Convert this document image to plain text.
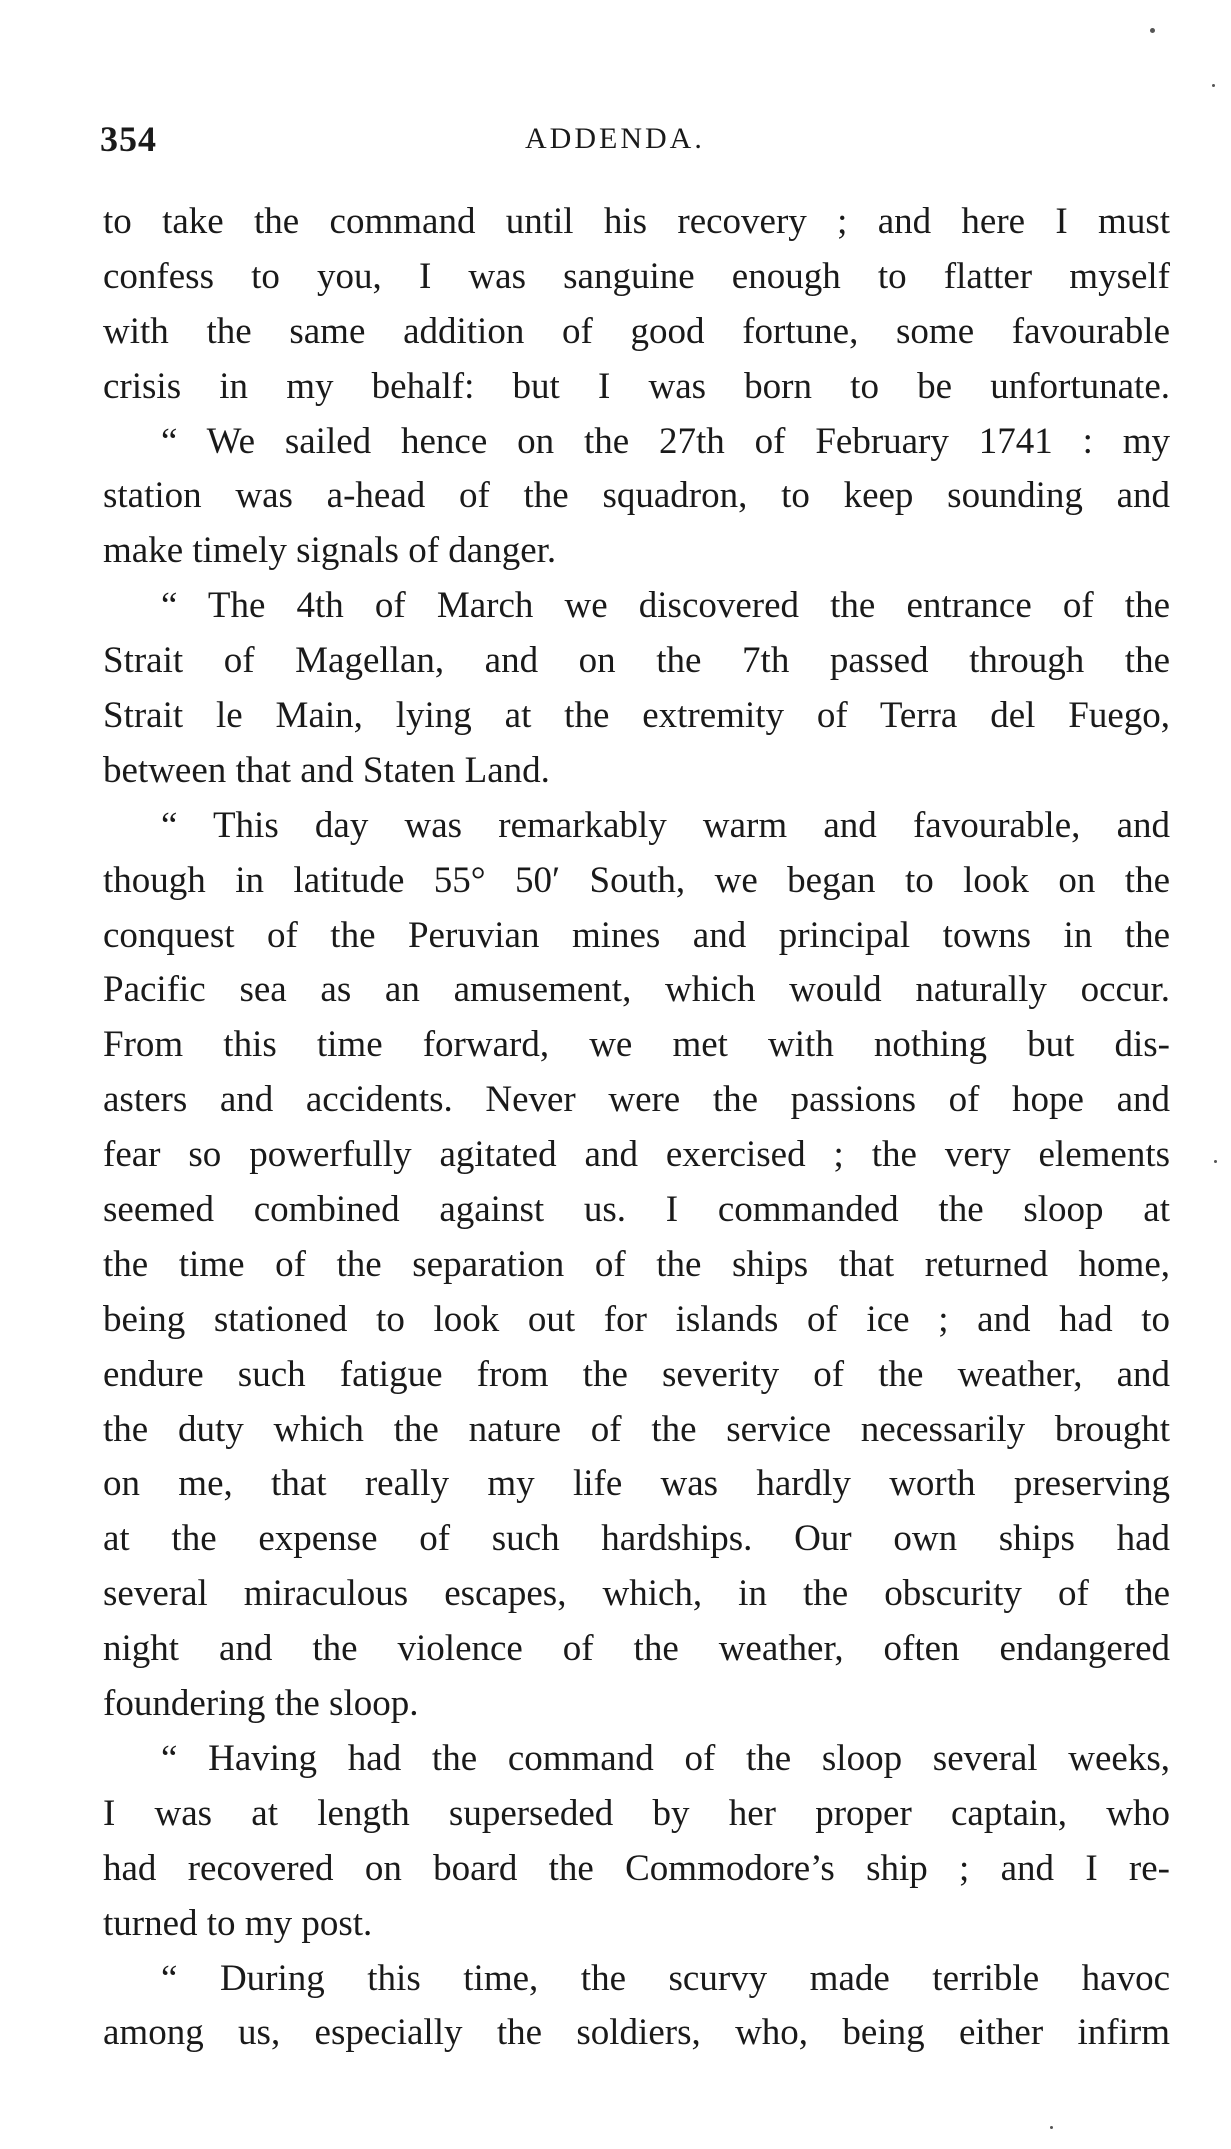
354	ADDENDA.
to take the command until his recovery ; and here I must
confess to you, I was sanguine enough to flatter myself
with the same addition of good fortune, some favourable
crisis in my behalf: but I was born to be unfortunate.
“ We sailed hence on the 27th of February 1741 : my
station was a-head of the squadron, to keep sounding and
make timely signals of danger.
“ The 4th of March we discovered the entrance of the
Strait of Magellan, and on the 7th passed through the
Strait le Main, lying at the extremity of Terra del Fuego,
between that and Staten Land.
“ This day was remarkably warm and favourable, and
though in latitude 55° 50′ South, we began to look on the
conquest of the Peruvian mines and principal towns in the
Pacific sea as an amusement, which would naturally occur.
From this time forward, we met with nothing but dis-
asters and accidents. Never were the passions of hope and
fear so powerfully agitated and exercised ; the very elements
seemed combined against us. I commanded the sloop at
the time of the separation of the ships that returned home,
being stationed to look out for islands of ice ; and had to
endure such fatigue from the severity of the weather, and
the duty which the nature of the service necessarily brought
on me, that really my life was hardly worth preserving
at the expense of such hardships. Our own ships had
several miraculous escapes, which, in the obscurity of the
night and the violence of the weather, often endangered
foundering the sloop.
“ Having had the command of the sloop several weeks,
I was at length superseded by her proper captain, who
had recovered on board the Commodore’s ship ; and I re-
turned to my post.
“ During this time, the scurvy made terrible havoc
among us, especially the soldiers, who, being either infirm
